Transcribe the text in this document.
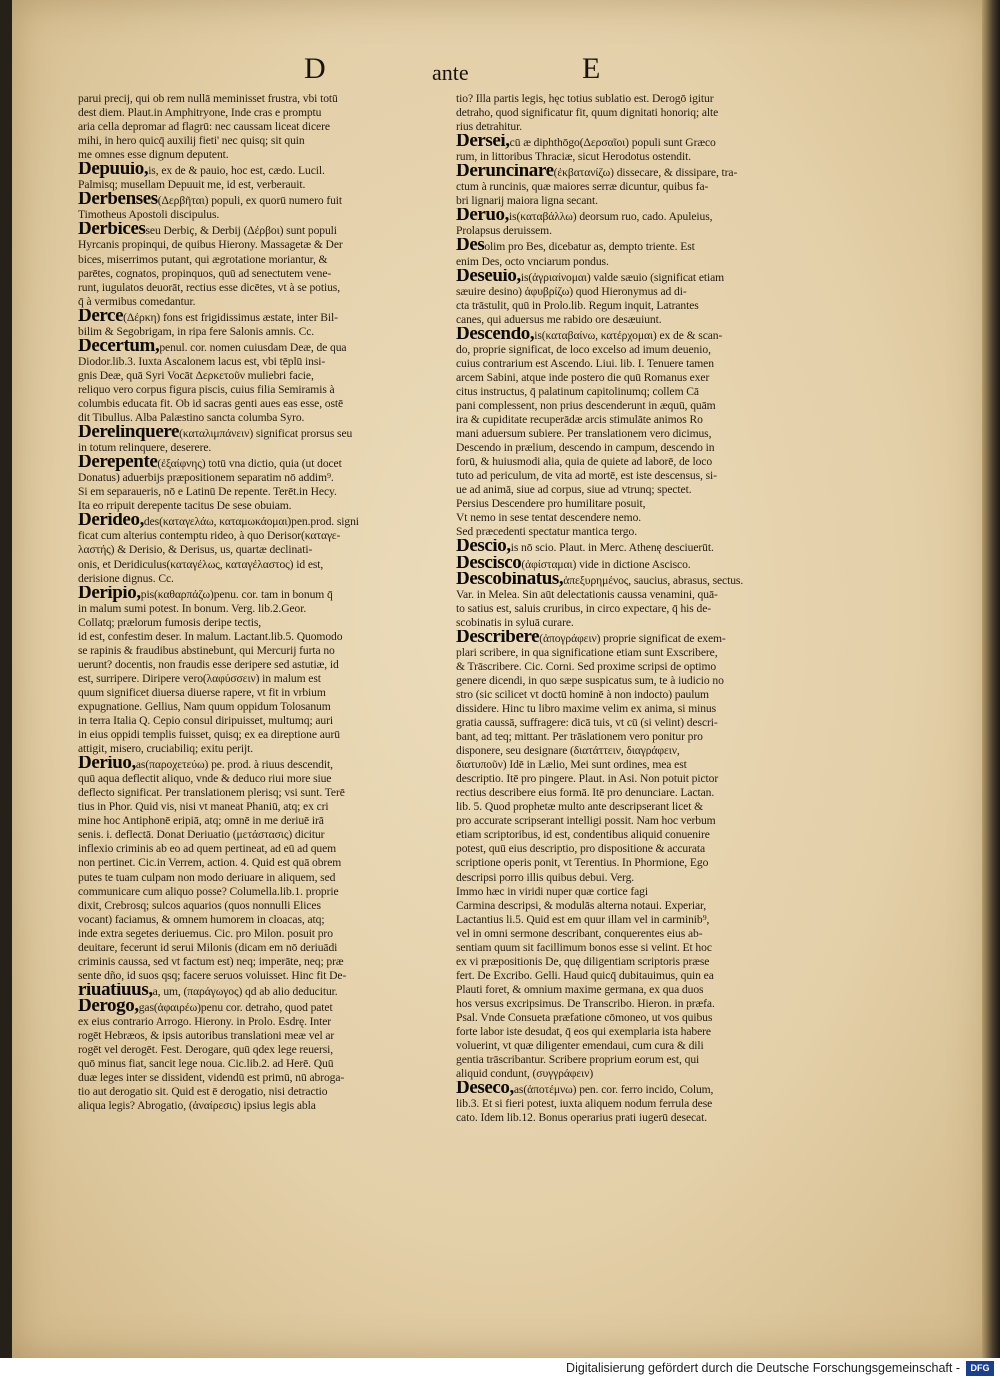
D	ante	E

parui precij, qui ob rem nullā meminisset frustra, vbi totū

dest diem. Plaut.in Amphitryone, Inde cras e promptu

aria cella depromar ad flagrū: nec caussam liceat dicere

mihi, in hero quicq̄ auxilij fieti' nec quisq; sit quin

me omnes esse dignum deputent.

Depuuio,is, ex de & pauio, hoc est, cædo. Lucil.

Palmisq; musellam Depuuit me, id est, verberauit.

Derbenses(Δερβῆται) populi, ex quorū numero fuit

Timotheus Apostoli discipulus.

Derbicesseu Derbiç, & Derbij (Δέρβοι) sunt populi

Hyrcanis propinqui, de quibus Hierony. Massagetæ & Der

bices, miserrimos putant, qui ægrotatione moriantur, &

parētes, cognatos, propinquos, quū ad senectutem vene-

runt, iugulatos deuorāt, rectius esse dicētes, vt à se potius,

q̄ à vermibus comedantur.

Derce(Δέρκη) fons est frigidissimus æstate, inter Bil-

bilim & Segobrigam, in ripa fere Salonis amnis. Cc.

Decertum,penul. cor. nomen cuiusdam Deæ, de qua

Diodor.lib.3. Iuxta Ascalonem lacus est, vbi tēplū insi-

gnis Deæ, quā Syri Vocāt Δερκετοῦν muliebri facie,

reliquo vero corpus figura piscis, cuius filia Semiramis à

columbis educata fit. Ob id sacras genti aues eas esse, ostē

dit Tibullus. Alba Palæstino sancta columba Syro.

Derelinquere(καταλιμπάνειν) significat prorsus seu

in totum relinquere, deserere.

Derepente(ἐξαίφνης) totū vna dictio, quia (ut docet

Donatus) aduerbijs præpositionem separatim nō addim⁹.

Si em separaueris, nō e Latinū De repente. Terēt.in Hecy.

Ita eo rripuit derepente tacitus De sese obuiam.

Derideo,des(καταγελάω, καταμωκάομαι)pen.prod. signi

ficat cum alterius contemptu rideo, à quo Derisor(καταγε-

λαστής) & Derisio, & Derisus, us, quartæ declinati-

onis, et Deridiculus(καταγέλως, καταγέλαστος) id est,

derisione dignus. Cc.

Deripio,pis(καθαρπάζω)penu. cor. tam in bonum q̄

in malum sumi potest. In bonum. Verg. lib.2.Geor.

Collatq; prælorum fumosis deripe tectis,

id est, confestim deser. In malum. Lactant.lib.5. Quomodo

se rapinis & fraudibus abstinebunt, qui Mercurij furta no

uerunt? docentis, non fraudis esse deripere sed astutiæ, id

est, surripere. Diripere vero(λαφύσσειν) in malum est

quum significet diuersa diuerse rapere, vt fit in vrbium

expugnatione. Gellius, Nam quum oppidum Tolosanum

in terra Italia Q. Cepio consul diripuisset, multumq; auri

in eius oppidi templis fuisset, quisq; ex ea direptione aurū

attigit, misero, cruciabiliq; exitu perijt.

Deriuo,as(παροχετεύω) pe. prod. à riuus descendit,

quū aqua deflectit aliquo, vnde & deduco riui more siue

deflecto significat. Per translationem plerisq; vsi sunt. Terē

tius in Phor. Quid vis, nisi vt maneat Phaniū, atq; ex cri

mine hoc Antiphonē eripiā, atq; omnē in me deriuē irā

senis. i. deflectā. Donat Deriuatio (μετάστασις) dicitur

inflexio criminis ab eo ad quem pertineat, ad eū ad quem

non pertinet. Cic.in Verrem, action. 4. Quid est quā obrem

putes te tuam culpam non modo deriuare in aliquem, sed

communicare cum aliquo posse? Columella.lib.1. proprie

dixit, Crebrosq; sulcos aquarios (quos nonnulli Elices

vocant) faciamus, & omnem humorem in cloacas, atq;

inde extra segetes deriuemus. Cic. pro Milon. posuit pro

deuitare, fecerunt id serui Milonis (dicam em nō deriuādi

criminis caussa, sed vt factum est) neq; imperāte, neq; præ

sente dño, id suos qsq; facere seruos voluisset. Hinc fit De-

riuatiuus,a, um, (παράγωγος) qd ab alio deducitur.

Derogo,gas(ἀφαιρέω)penu cor. detraho, quod patet

ex eius contrario Arrogo. Hierony. in Prolo. Esdrę. Inter

rogēt Hebræos, & ipsis autoribus translationi meæ vel ar

rogēt vel derogēt. Fest. Derogare, quū qdex lege reuersi,

quō minus fiat, sancit lege noua. Cic.lib.2. ad Herē. Quū

duæ leges inter se dissident, videndū est primū, nū abroga-

tio aut derogatio sit. Quid est ē derogatio, nisi detractio

aliqua legis? Abrogatio, (ἀναίρεσις) ipsius legis abla

tio? Illa partis legis, hęc totius sublatio est. Derogō igitur

detraho, quod significatur fit, quum dignitati honoriq; alte

rius detrahitur.

Dersei,cū æ diphthōgo(Δερσαῖοι) populi sunt Græco

rum, in littoribus Thraciæ, sicut Herodotus ostendit.

Deruncinare(ἐκβατανίζω) dissecare, & dissipare, tra-

ctum à runcinis, quæ maiores serræ dicuntur, quibus fa-

bri lignarij maiora ligna secant.

Deruo,is(καταβάλλω) deorsum ruo, cado. Apuleius,

Prolapsus deruissem.

Desolim pro Bes, dicebatur as, dempto triente. Est

enim Des, octo vnciarum pondus.

Deseuio,is(ἀγριαίνομαι) valde sæuio (significat etiam

sæuire desino) ἀφυβρίζω) quod Hieronymus ad di-

cta trāstulit, quū in Prolo.lib. Regum inquit, Latrantes

canes, qui aduersus me rabido ore desæuiunt.

Descendo,is(καταβαίνω, κατέρχομαι) ex de & scan-

do, proprie significat, de loco excelso ad imum deuenio,

cuius contrarium est Ascendo. Liui. lib. I. Tenuere tamen

arcem Sabini, atque inde postero die quū Romanus exer

citus instructus, q̄ palatinum capitolinumq; collem Cā

pani complessent, non prius descenderunt in æquū, quām

ira & cupiditate recuperādæ arcis stimulāte animos Ro

mani aduersum subiere. Per translationem vero dicimus,

Descendo in prælium, descendo in campum, descendo in

forū, & huiusmodi alia, quia de quiete ad laborē, de loco

tuto ad periculum, de vita ad mortē, est iste descensus, si-

ue ad animā, siue ad corpus, siue ad vtrunq; spectet.

Persius Descendere pro humilitare posuit,

Vt nemo in sese tentat descendere nemo.

Sed præcedenti spectatur mantica tergo.

Descio,is nō scio. Plaut. in Merc. Athenę desciuerūt.

Descisco(ἀφίσταμαι) vide in dictione Ascisco.

Descobinatus,ἀπεξυρημένος, saucius, abrasus, sectus.

Var. in Melea. Sin aūt delectationis caussa venamini, quā-

to satius est, saluis cruribus, in circo expectare, q̄ his de-

scobinatis in syluā curare.

Describere(ἀπογράφειν) proprie significat de exem-

plari scribere, in qua significatione etiam sunt Exscribere,

& Trāscribere. Cic. Corni. Sed proxime scripsi de optimo

genere dicendi, in quo sæpe suspicatus sum, te à iudicio no

stro (sic scilicet vt doctū hominē à non indocto) paulum

dissidere. Hinc tu libro maxime velim ex anima, si minus

gratia caussā, suffragere: dicā tuis, vt cū (si velint) descri-

bant, ad teq; mittant. Per trāslationem vero ponitur pro

disponere, seu designare (διατάττειν, διαγράφειν,

διατυποῦν) Idē in Lælio, Mei sunt ordines, mea est

descriptio. Itē pro pingere. Plaut. in Asi. Non potuit pictor

rectius describere eius formā. Itē pro denunciare. Lactan.

lib. 5. Quod prophetæ multo ante descripserant licet &

pro accurate scripserant intelligi possit. Nam hoc verbum

etiam scriptoribus, id est, condentibus aliquid conuenire

potest, quū eius descriptio, pro dispositione & accurata

scriptione operis ponit, vt Terentius. In Phormione, Ego

descripsi porro illis quibus debui. Verg.

Immo hæc in viridi nuper quæ cortice fagi

Carmina descripsi, & modulās alterna notaui. Experiar,

Lactantius li.5. Quid est em quur illam vel in carminib⁹,

vel in omni sermone describant, conquerentes eius ab-

sentiam quum sit facillimum bonos esse si velint. Et hoc

ex vi præpositionis De, quę diligentiam scriptoris præse

fert. De Excribo. Gelli. Haud quicq̄ dubitauimus, quin ea

Plauti foret, & omnium maxime germana, ex qua duos

hos versus excripsimus. De Transcribo. Hieron. in præfa.

Psal. Vnde Consueta præfatione cōmoneo, ut vos quibus

forte labor iste desudat, q̄ eos qui exemplaria ista habere

voluerint, vt quæ diligenter emendaui, cum cura & dili

gentia trāscribantur. Scribere proprium eorum est, qui

aliquid condunt, (συγγράφειν)

Deseco,as(ἀποτέμνω) pen. cor. ferro incido, Colum,

lib.3. Et si fieri potest, iuxta aliquem nodum ferrula dese

cato. Idem lib.12. Bonus operarius prati iugerū desecat.

Digitalisierung gefördert durch die Deutsche Forschungsgemeinschaft -	DFG
